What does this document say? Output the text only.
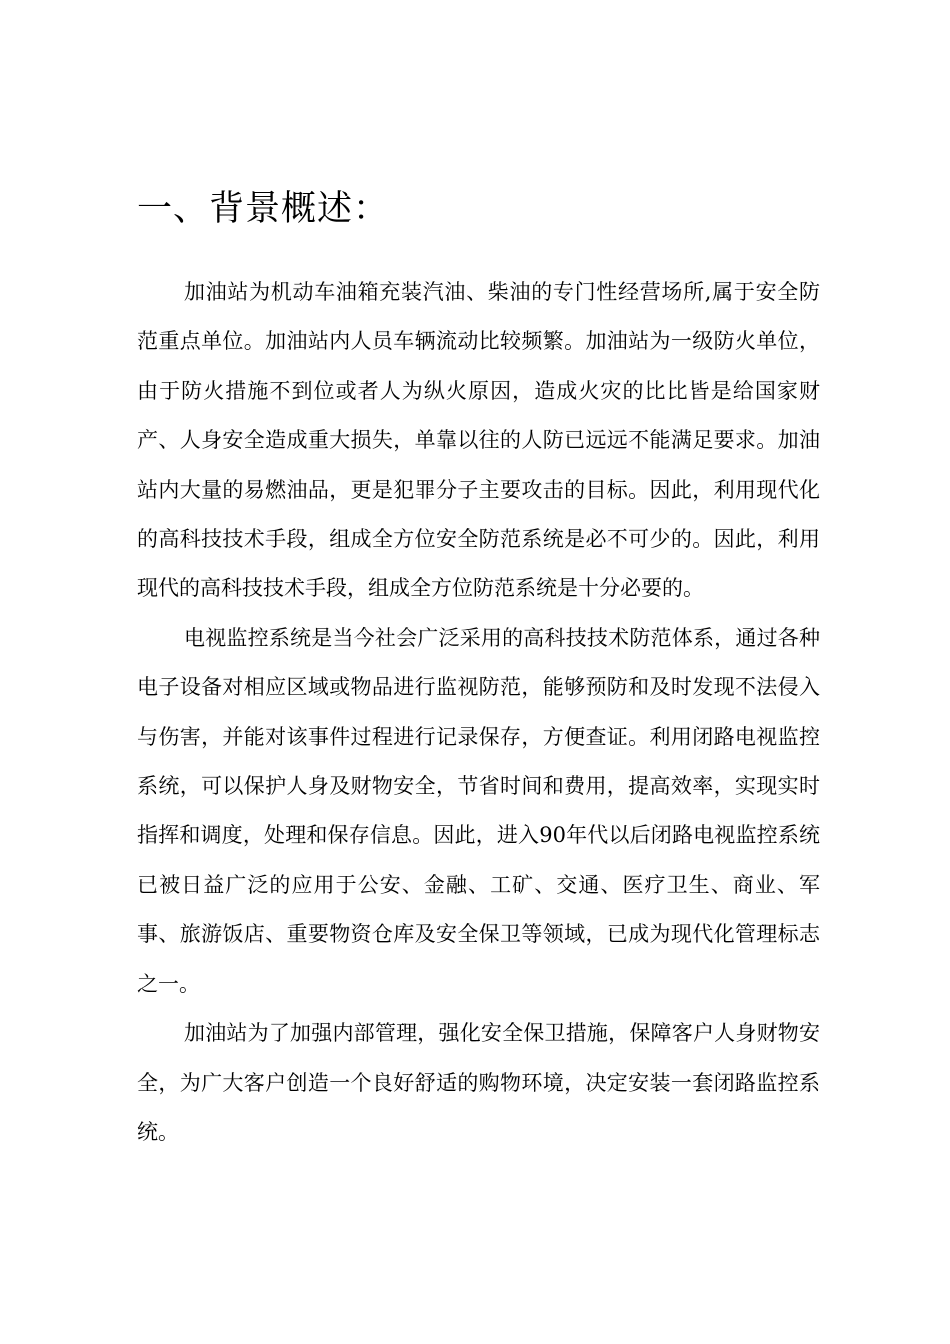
一、背景概述：

加油站为机动车油箱充装汽油、柴油的专门性经营场所,属于安全防范重点单位。加油站内人员车辆流动比较频繁。加油站为一级防火单位，由于防火措施不到位或者人为纵火原因，造成火灾的比比皆是给国家财产、人身安全造成重大损失，单靠以往的人防已远远不能满足要求。加油站内大量的易燃油品，更是犯罪分子主要攻击的目标。因此，利用现代化的高科技技术手段，组成全方位安全防范系统是必不可少的。因此，利用现代的高科技技术手段，组成全方位防范系统是十分必要的。

电视监控系统是当今社会广泛采用的高科技技术防范体系，通过各种电子设备对相应区域或物品进行监视防范，能够预防和及时发现不法侵入与伤害，并能对该事件过程进行记录保存，方便查证。利用闭路电视监控系统，可以保护人身及财物安全，节省时间和费用，提高效率，实现实时指挥和调度，处理和保存信息。因此，进入90年代以后闭路电视监控系统已被日益广泛的应用于公安、金融、工矿、交通、医疗卫生、商业、军事、旅游饭店、重要物资仓库及安全保卫等领域，已成为现代化管理标志之一。

加油站为了加强内部管理，强化安全保卫措施，保障客户人身财物安全，为广大客户创造一个良好舒适的购物环境，决定安装一套闭路监控系统。
